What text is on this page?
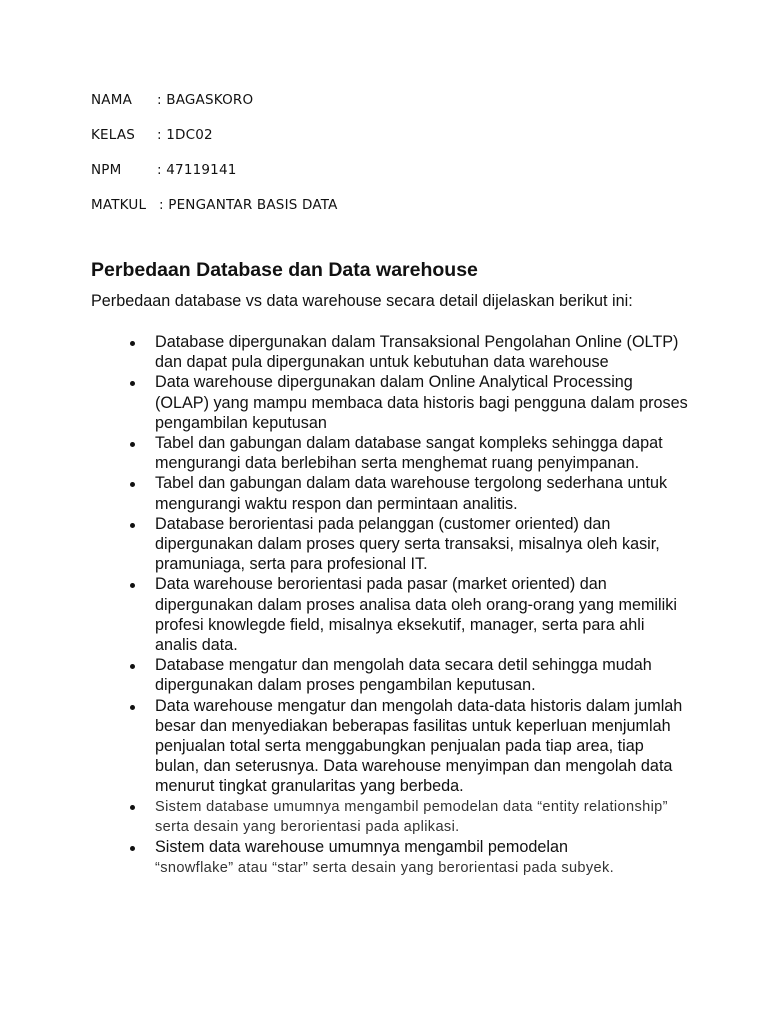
NAMA	: BAGASKORO
KELAS	: 1DC02
NPM	: 47119141
MATKUL : PENGANTAR BASIS DATA
Perbedaan Database dan Data warehouse

Perbedaan database vs data warehouse secara detail dijelaskan berikut ini:

Database dipergunakan dalam Transaksional Pengolahan Online (OLTP) dan dapat pula dipergunakan untuk kebutuhan data warehouse
Data warehouse dipergunakan dalam Online Analytical Processing (OLAP) yang mampu membaca data historis bagi pengguna dalam proses pengambilan keputusan
Tabel dan gabungan dalam database sangat kompleks sehingga dapat mengurangi data berlebihan serta menghemat ruang penyimpanan.
Tabel dan gabungan dalam data warehouse tergolong sederhana untuk mengurangi waktu respon dan permintaan analitis.
Database berorientasi pada pelanggan (customer oriented) dan dipergunakan dalam proses query serta transaksi, misalnya oleh kasir, pramuniaga, serta para profesional IT.
Data warehouse berorientasi pada pasar (market oriented) dan dipergunakan dalam proses analisa data oleh orang-orang yang memiliki profesi knowlegde field, misalnya eksekutif, manager, serta para ahli analis data.
Database mengatur dan mengolah data secara detil sehingga mudah dipergunakan dalam proses pengambilan keputusan.
Data warehouse mengatur dan mengolah data-data historis dalam jumlah besar dan menyediakan beberapas fasilitas untuk keperluan menjumlah penjualan total serta menggabungkan penjualan pada tiap area, tiap bulan, dan seterusnya. Data warehouse menyimpan dan mengolah data menurut tingkat granularitas yang berbeda.
Sistem database umumnya mengambil pemodelan data “entity relationship” serta desain yang berorientasi pada aplikasi.
Sistem data warehouse umumnya mengambil pemodelan
“snowflake” atau “star” serta desain yang berorientasi pada subyek.
